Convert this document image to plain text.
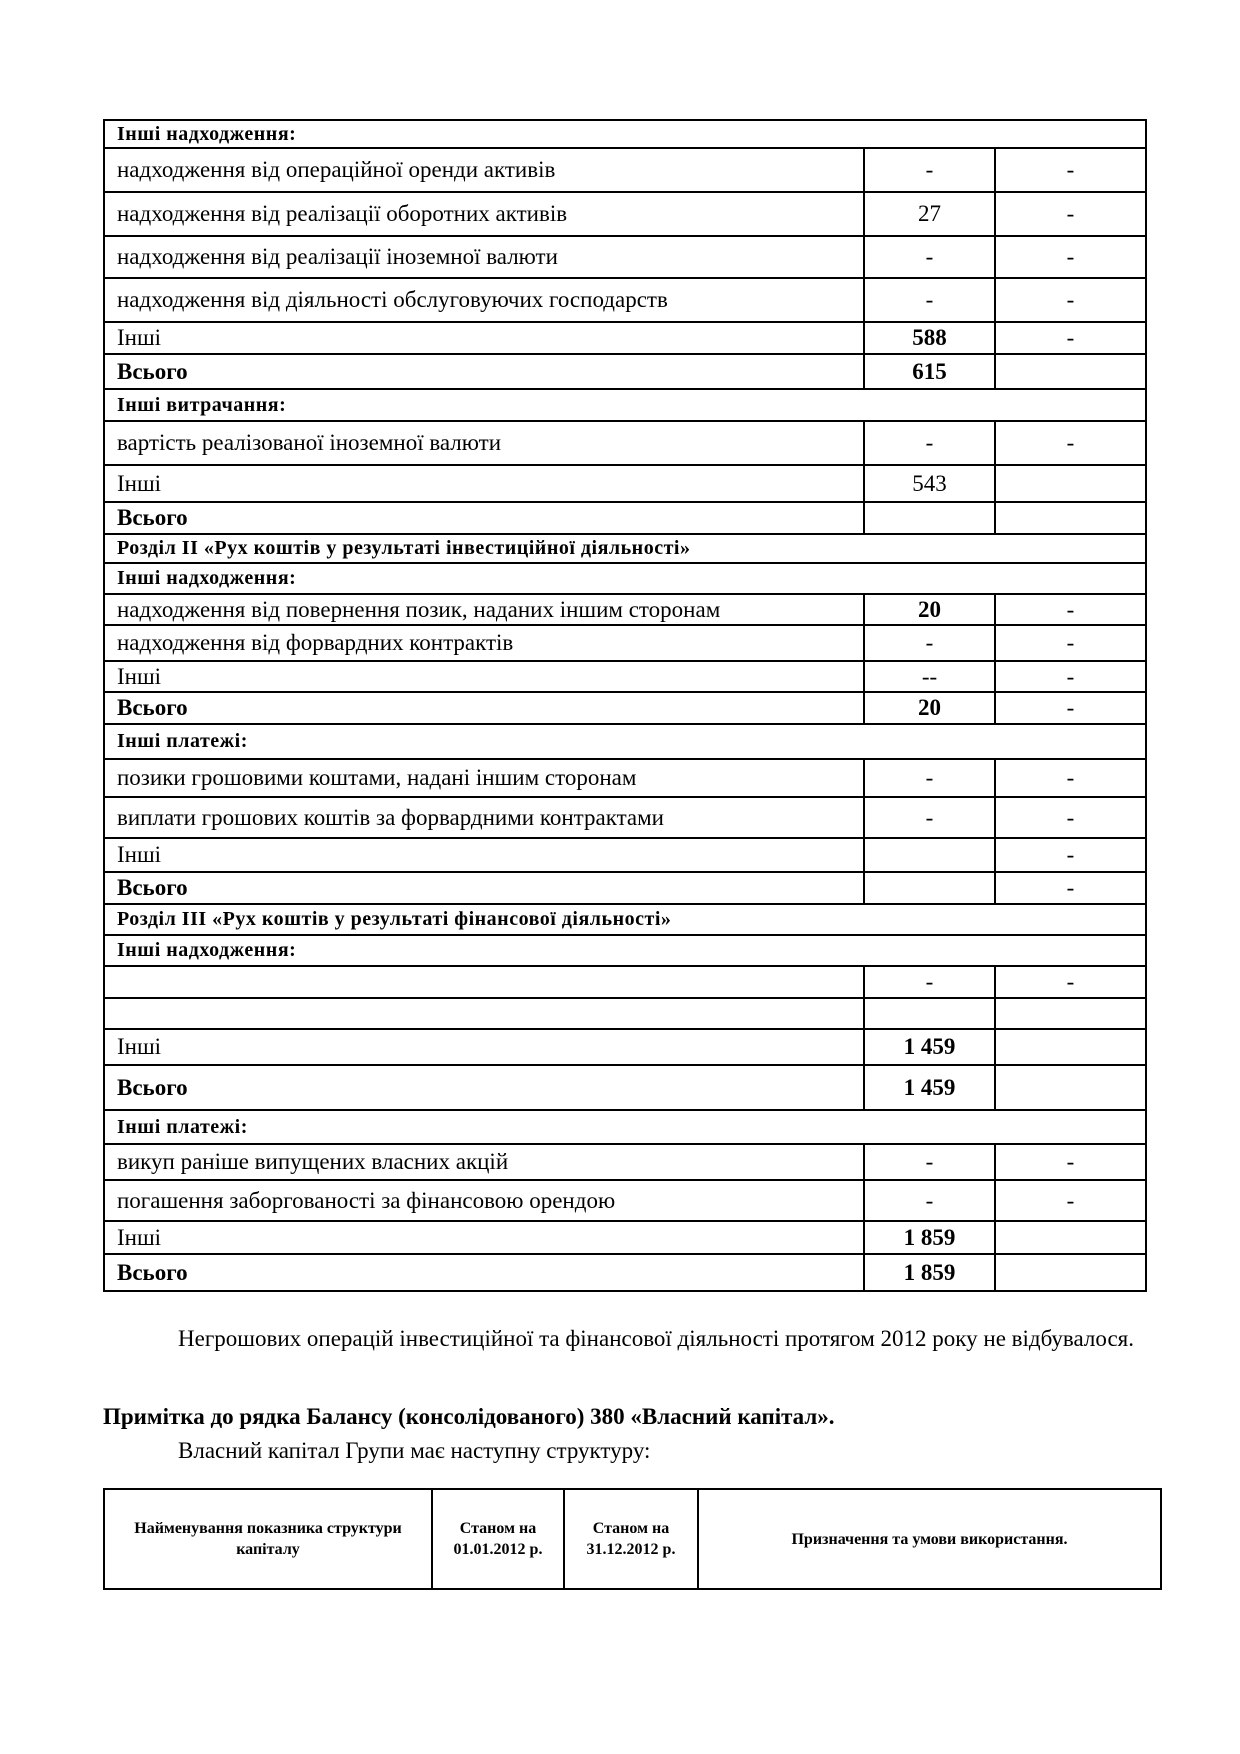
Інші надходження:		
надходження від операційної оренди активів	-	-
надходження від реалізації оборотних активів	27	-
надходження від реалізації іноземної валюти	-	-
надходження від діяльності обслуговуючих господарств	-	-
Інші	588	-
Всього	615	
Інші витрачання:		
вартість реалізованої іноземної валюти	-	-
Інші	543	
Всього		
Розділ II «Рух коштів у результаті інвестиційної діяльності»		
Інші надходження:		
надходження від повернення позик, наданих іншим сторонам	20	-
надходження від форвардних контрактів	-	-
Інші	--	-
Всього	20	-
Інші платежі:		
позики грошовими коштами, надані іншим сторонам	-	-
виплати грошових коштів за форвардними контрактами	-	-
Інші		-
Всього		-
Розділ III «Рух коштів у результаті фінансової діяльності»		
Інші надходження:		
	-	-

Інші	1 459	
Всього	1 459	
Інші платежі:		
викуп раніше випущених власних акцій	-	-
погашення заборгованості за фінансовою орендою	-	-
Інші	1 859	
Всього	1 859	
Негрошових операцій інвестиційної та фінансової діяльності протягом 2012 року не відбувалося.
Примітка до рядка Балансу (консолідованого) 380 «Власний капітал».
Власний капітал Групи має наступну структуру:
Найменування показника структури капіталу	Станом на 01.01.2012 р.	Станом на 31.12.2012 р.	Призначення та умови використання.
